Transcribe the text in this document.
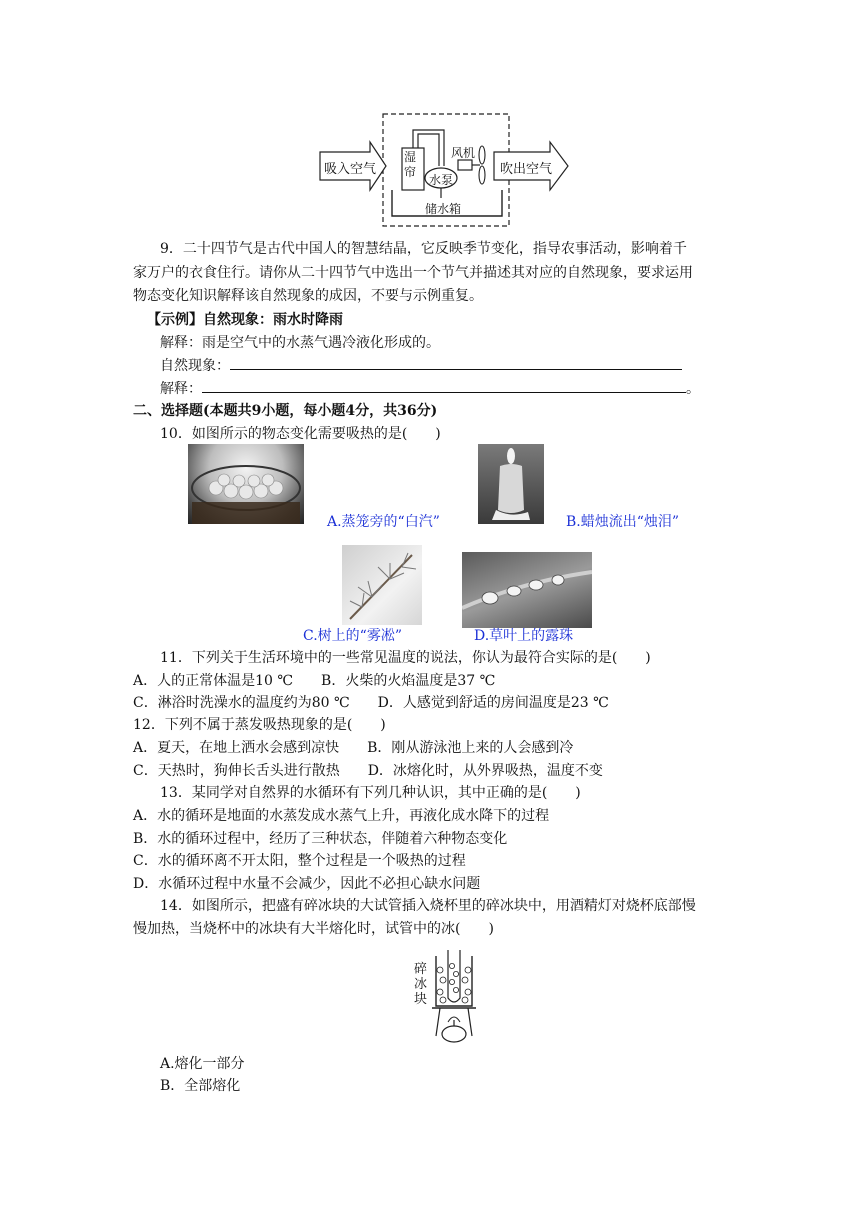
吸入空气
湿帘
风机
水泵
储水箱
吹出空气
9．二十四节气是古代中国人的智慧结晶，它反映季节变化，指导农事活动，影响着千
家万户的衣食住行。请你从二十四节气中选出一个节气并描述其对应的自然现象，要求运用
物态变化知识解释该自然现象的成因，不要与示例重复。
【示例】自然现象：雨水时降雨
解释：雨是空气中的水蒸气遇冷液化形成的。
自然现象：
解释：	。
二、选择题(本题共9小题，每小题4分，共36分)
10．如图所示的物态变化需要吸热的是(　　)
A.蒸笼旁的“白汽”	B.蜡烛流出“烛泪”
C.树上的“雾凇”	D.草叶上的露珠
11．下列关于生活环境中的一些常见温度的说法，你认为最符合实际的是(　　)
A．人的正常体温是10 ℃　　B．火柴的火焰温度是37 ℃
C．淋浴时洗澡水的温度约为80 ℃　　D．人感觉到舒适的房间温度是23 ℃
12．下列不属于蒸发吸热现象的是(　　)
A．夏天，在地上洒水会感到凉快　　B．刚从游泳池上来的人会感到冷
C．天热时，狗伸长舌头进行散热　　D．冰熔化时，从外界吸热，温度不变
13．某同学对自然界的水循环有下列几种认识，其中正确的是(　　)
A．水的循环是地面的水蒸发成水蒸气上升，再液化成水降下的过程
B．水的循环过程中，经历了三种状态，伴随着六种物态变化
C．水的循环离不开太阳，整个过程是一个吸热的过程
D．水循环过程中水量不会减少，因此不必担心缺水问题
14．如图所示，把盛有碎冰块的大试管插入烧杯里的碎冰块中，用酒精灯对烧杯底部慢
慢加热，当烧杯中的冰块有大半熔化时，试管中的冰(　　)
碎冰块
A.熔化一部分
B．全部熔化
